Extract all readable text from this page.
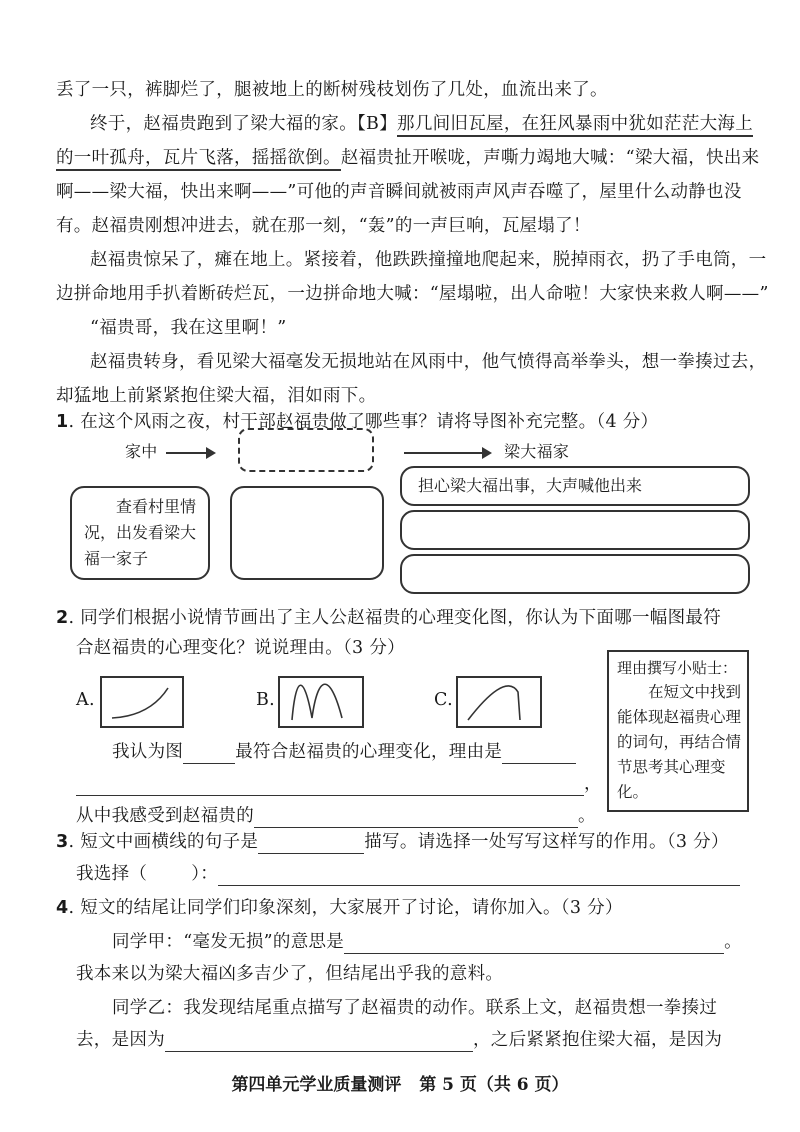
丢了一只，裤脚烂了，腿被地上的断树残枝划伤了几处，血流出来了。
终于，赵福贵跑到了梁大福的家。【B】那几间旧瓦屋，在狂风暴雨中犹如茫茫大海上
的一叶孤舟，瓦片飞落，摇摇欲倒。赵福贵扯开喉咙，声嘶力竭地大喊：“梁大福，快出来
啊——梁大福，快出来啊——”可他的声音瞬间就被雨声风声吞噬了，屋里什么动静也没
有。赵福贵刚想冲进去，就在那一刻，“轰”的一声巨响，瓦屋塌了！
赵福贵惊呆了，瘫在地上。紧接着，他跌跌撞撞地爬起来，脱掉雨衣，扔了手电筒，一
边拼命地用手扒着断砖烂瓦，一边拼命地大喊：“屋塌啦，出人命啦！大家快来救人啊——”
“福贵哥，我在这里啊！”
赵福贵转身，看见梁大福毫发无损地站在风雨中，他气愤得高举拳头，想一拳揍过去，
却猛地上前紧紧抱住梁大福，泪如雨下。
1. 在这个风雨之夜，村干部赵福贵做了哪些事？请将导图补充完整。（4 分）
家中	梁大福家
查看村里情况，出发看梁大福一家子
担心梁大福出事，大声喊他出来
2. 同学们根据小说情节画出了主人公赵福贵的心理变化图，你认为下面哪一幅图最符
合赵福贵的心理变化？说说理由。（3 分）
A.	B.	C.
我认为图	最符合赵福贵的心理变化，理由是
，
从中我感受到赵福贵的	。
理由撰写小贴士：
在短文中找到能体现赵福贵心理的词句，再结合情节思考其心理变化。
3. 短文中画横线的句子是	描写。请选择一处写写这样写的作用。（3 分）
我选择（	）：
4. 短文的结尾让同学们印象深刻，大家展开了讨论，请你加入。（3 分）
同学甲：“毫发无损”的意思是	。
我本来以为梁大福凶多吉少了，但结尾出乎我的意料。
同学乙：我发现结尾重点描写了赵福贵的动作。联系上文，赵福贵想一拳揍过
去，是因为	，之后紧紧抱住梁大福，是因为
第四单元学业质量测评 第 5 页（共 6 页）
